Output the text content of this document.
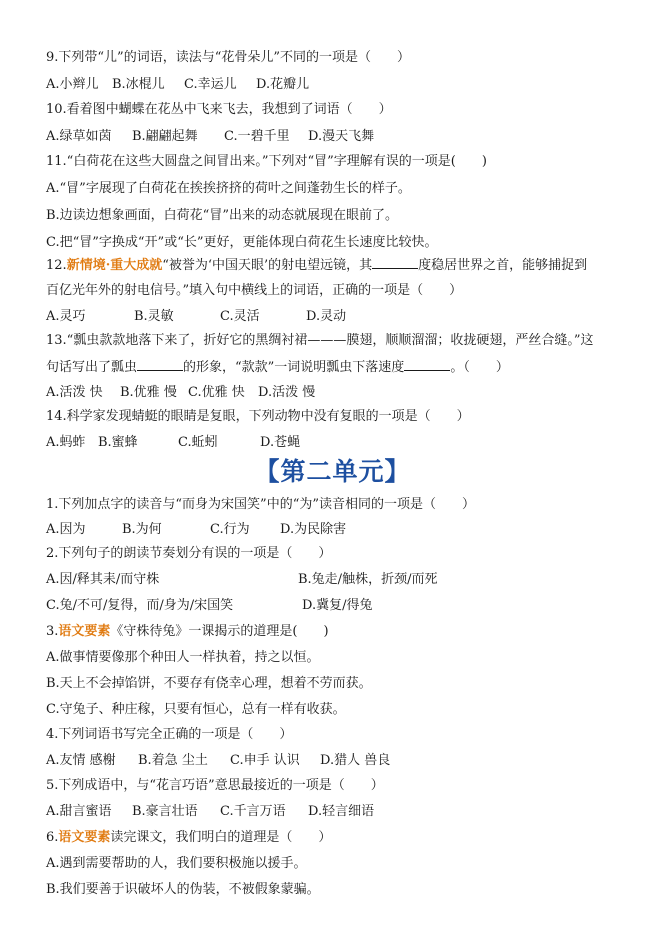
9.下列带“儿”的词语，读法与“花骨朵儿”不同的一项是（　　）
A.小辫儿 B.冰棍儿 C.幸运儿 D.花瓣儿
10.看着图中蝴蝶在花丛中飞来飞去，我想到了词语（　　）
A.绿草如茵 B.翩翩起舞 C.一碧千里 D.漫天飞舞
11.“白荷花在这些大圆盘之间冒出来。”下列对“冒”字理解有误的一项是(　　)
A.“冒”字展现了白荷花在挨挨挤挤的荷叶之间蓬勃生长的样子。
B.边读边想象画面，白荷花“冒”出来的动态就展现在眼前了。
C.把“冒”字换成“开”或“长”更好，更能体现白荷花生长速度比较快。
12.新情境·重大成就“被誉为‘中国天眼’的射电望远镜，其	度稳居世界之首，能够捕捉到
百亿光年外的射电信号。”填入句中横线上的词语，正确的一项是（　　）
A.灵巧	B.灵敏	C.灵活	D.灵动
13.“瓢虫款款地落下来了，折好它的黑绸衬裙———膜翅，顺顺溜溜；收拢硬翅，严丝合缝。”这
句话写出了瓢虫	的形象，“款款”一词说明瓢虫下落速度	。（　　）
A.活泼 快 B.优雅 慢 C.优雅 快 D.活泼 慢
14.科学家发现蜻蜓的眼睛是复眼，下列动物中没有复眼的一项是（　　）
A.蚂蚱 B.蜜蜂	C.蚯蚓	D.苍蝇
【第二单元】
1.下列加点字的读音与“而身为宋国笑”中的“为”读音相同的一项是（　　）
A.因为	B.为何	C.行为 D.为民除害
2.下列句子的朗读节奏划分有误的一项是（　　）
A.因/释其耒/而守株	B.兔走/触株，折颈/而死
C.兔/不可/复得，而/身为/宋国笑	D.冀复/得兔
3.语文要素《守株待兔》一课揭示的道理是(　　)
A.做事情要像那个种田人一样执着，持之以恒。
B.天上不会掉馅饼，不要存有侥幸心理，想着不劳而获。
C.守兔子、种庄稼，只要有恒心，总有一样有收获。
4.下列词语书写完全正确的一项是（　　）
A.友情 感榭 B.着急 尘土 C.申手 认识 D.猎人 兽良
5.下列成语中，与“花言巧语”意思最接近的一项是（　　）
A.甜言蜜语 B.豪言壮语 C.千言万语 D.轻言细语
6.语文要素读完课文，我们明白的道理是（　　）
A.遇到需要帮助的人，我们要积极施以援手。
B.我们要善于识破坏人的伪装，不被假象蒙骗。
